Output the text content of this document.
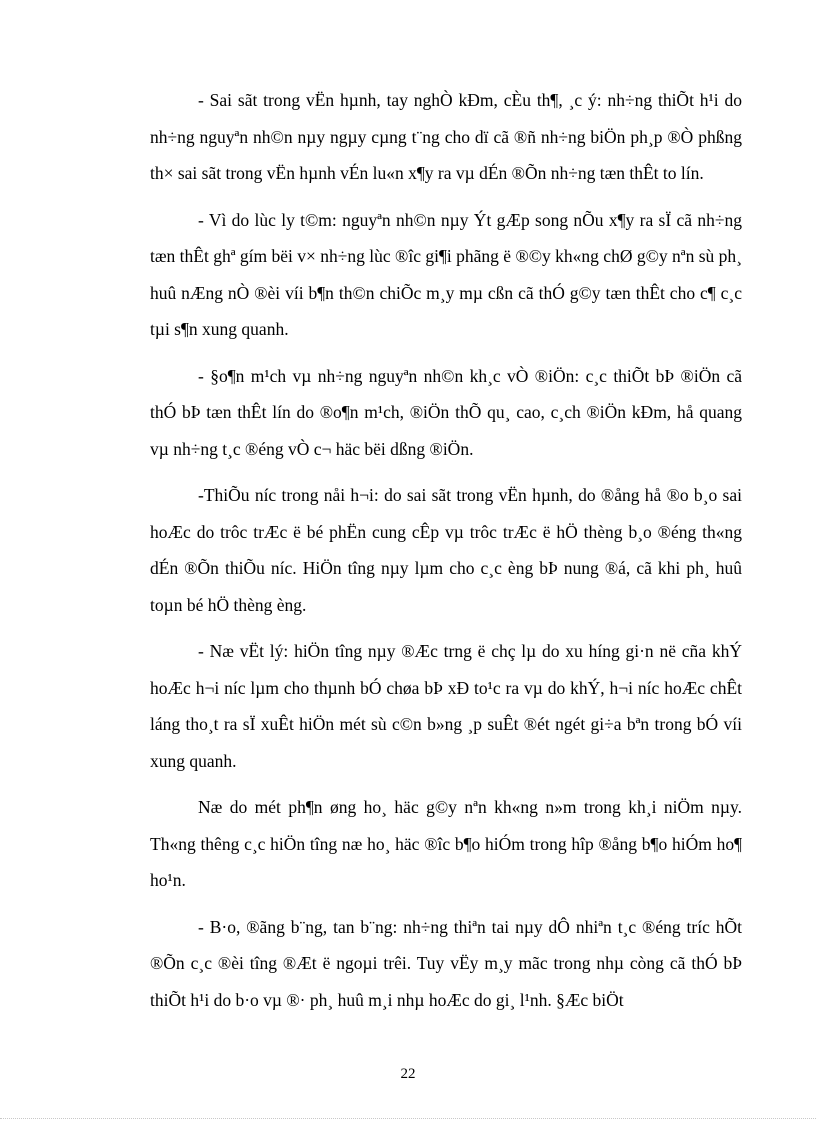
- Sai sãt trong vËn hµnh, tay nghÒ kÐm, cÈu th¶, ¸c ý: nh÷ng thiÕt h¹i do nh÷ng nguyªn nh©n nµy ngµy cµng t¨ng cho dï cã ®ñ nh÷ng biÖn ph¸p ®Ò phßng th× sai sãt trong vËn hµnh vÉn lu«n x¶y ra vµ dÉn ®Õn nh÷ng tæn thÊt to lín.

- Vì do lùc ly t©m: nguyªn nh©n nµy Ýt gÆp song nÕu x¶y ra sÏ cã nh÷ng tæn thÊt ghª gím bëi v× nh÷ng lùc ®îc gi¶i phãng ë ®©y kh«ng chØ g©y nªn sù ph¸ huû nÆng nÒ ®èi víi b¶n th©n chiÕc m¸y mµ cßn cã thÓ g©y tæn thÊt cho c¶ c¸c tµi s¶n xung quanh.

- §o¶n m¹ch vµ nh÷ng nguyªn nh©n kh¸c vÒ ®iÖn: c¸c thiÕt bÞ ®iÖn cã thÓ bÞ tæn thÊt lín do ®o¶n m¹ch, ®iÖn thÕ qu¸ cao, c¸ch ®iÖn kÐm, hå quang vµ nh÷ng t¸c ®éng vÒ c¬ häc bëi dßng ®iÖn.

-ThiÕu níc trong nåi h¬i: do sai sãt trong vËn hµnh, do ®ång hå ®o b¸o sai hoÆc do trôc trÆc ë bé phËn cung cÊp vµ trôc trÆc ë hÖ thèng b¸o ®éng th«ng dÉn ®Õn thiÕu níc. HiÖn tîng nµy lµm cho c¸c èng bÞ nung ®á, cã khi ph¸ huû toµn bé hÖ thèng èng.

- Næ vËt lý: hiÖn tîng nµy ®Æc trng ë chç lµ do xu híng gi·n në cña khÝ hoÆc h¬i níc lµm cho thµnh bÓ chøa bÞ xÐ to¹c ra vµ do khÝ, h¬i níc hoÆc chÊt láng tho¸t ra sÏ xuÊt hiÖn mét sù c©n b»ng ¸p suÊt ®ét ngét gi÷a bªn trong bÓ víi xung quanh.

Næ do mét ph¶n øng ho¸ häc g©y nªn kh«ng n»m trong kh¸i niÖm nµy. Th«ng thêng c¸c hiÖn tîng næ ho¸ häc ®îc b¶o hiÓm trong hîp ®ång b¶o hiÓm ho¶ ho¹n.

- B·o, ®ãng b¨ng, tan b¨ng: nh÷ng thiªn tai nµy dÔ nhiªn t¸c ®éng tríc hÕt ®Õn c¸c ®èi tîng ®Æt ë ngoµi trêi. Tuy vËy m¸y mãc trong nhµ còng cã thÓ bÞ thiÕt h¹i do b·o vµ ®· ph¸ huû m¸i nhµ hoÆc do gi¸ l¹nh. §Æc biÖt

22
